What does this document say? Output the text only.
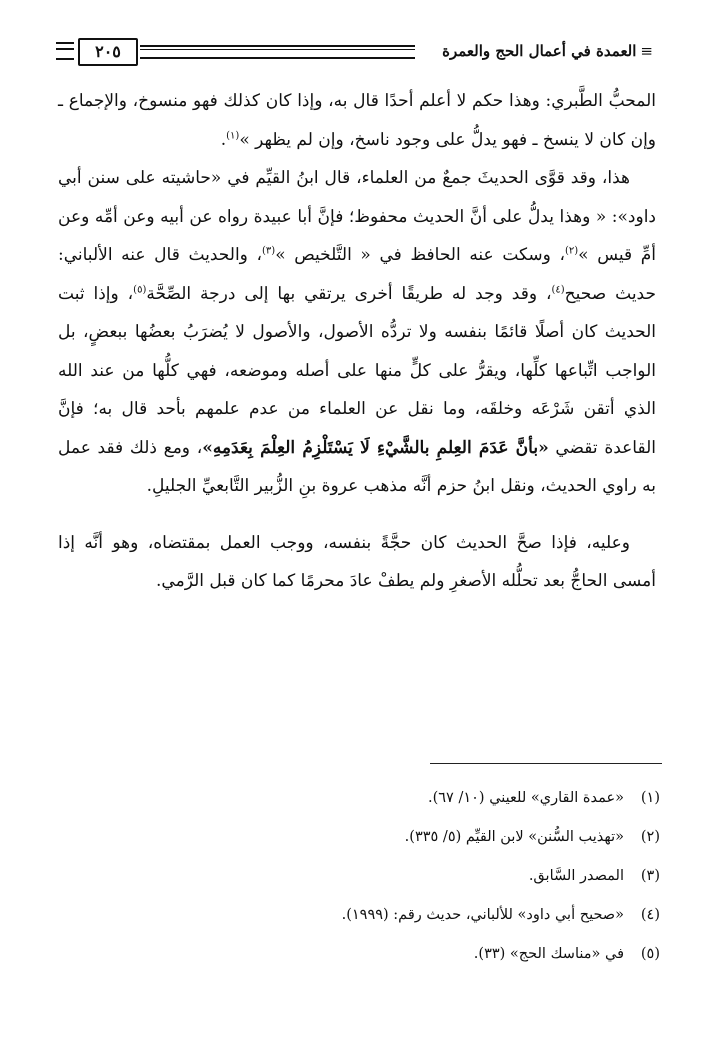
≡العمدة في أعمال الحج والعمرة
٢٠٥

المحبُّ الطَّبري: وهذا حكم لا أعلم أحدًا قال به، وإذا كان كذلك فهو منسوخ، والإجماع ـ وإن كان لا ينسخ ـ فهو يدلُّ على وجود ناسخ، وإن لم يظهر »$^{(١)}$.

هذا، وقد قوَّى الحديثَ جمعٌ من العلماء، قال ابنُ القيِّم في «حاشيته على سنن أبي داود»: « وهذا يدلُّ على أنَّ الحديث محفوظ؛ فإنَّ أبا عبيدة رواه عن أبيه وعن أمِّه وعن أمِّ قيس »$^{(٢)}$، وسكت عنه الحافظ في « التَّلخيص »$^{(٣)}$، والحديث قال عنه الألباني: حديث صحيح$^{(٤)}$، وقد وجد له طريقًا أخرى يرتقي بها إلى درجة الصِّحَّة$^{(٥)}$، وإذا ثبت الحديث كان أصلًا قائمًا بنفسه ولا تردُّه الأصول، والأصول لا يُضرَبُ بعضُها ببعضٍ، بل الواجب اتِّباعها كلِّها، ويقرُّ على كلٍّ منها على أصله وموضعه، فهي كلُّها من عند الله الذي أتقن شَرْعَه وخلقَه، وما نقل عن العلماء من عدم علمهم بأحد قال به؛ فإنَّ القاعدة تقضي «بأنَّ عَدَمَ العِلمِ بالشَّيْءِ لَا يَسْتَلْزِمُ العِلْمَ بِعَدَمِهِ»، ومع ذلك فقد عمل به راوي الحديث، ونقل ابنُ حزم أنَّه مذهب عروة بنِ الزُّبير التَّابعيِّ الجليلِ.

وعليه، فإذا صحَّ الحديث كان حجَّةً بنفسه، ووجب العمل بمقتضاه، وهو أنَّه إذا أمسى الحاجُّ بعد تحلُّله الأصغرِ ولم يطفْ عادَ محرمًا كما كان قبل الرَّمي.

(١)«عمدة القاري» للعيني (١٠/ ٦٧).
(٢)«تهذيب السُّنن» لابن القيِّم (٥/ ٣٣٥).
(٣)المصدر السَّابق.
(٤)«صحيح أبي داود» للألباني، حديث رقم: (١٩٩٩).
(٥)في «مناسك الحج» (٣٣).
